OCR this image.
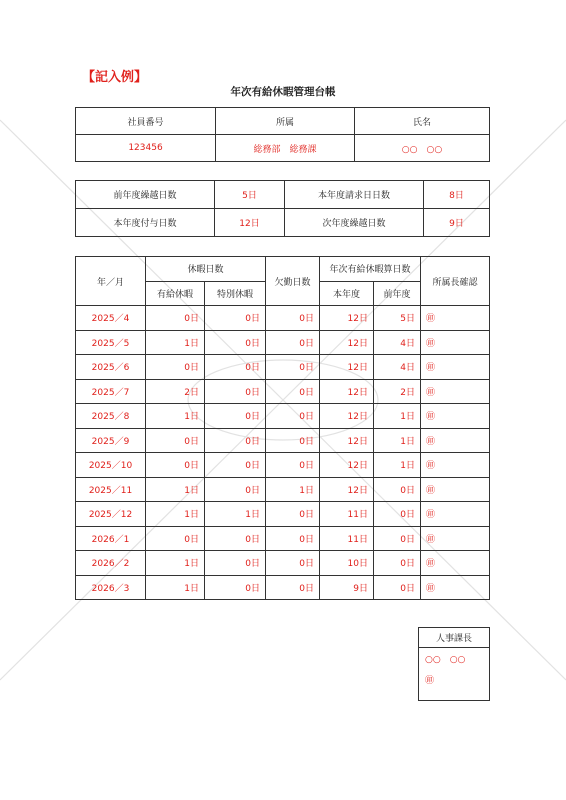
【記入例】
年次有給休暇管理台帳
社員番号	所属	氏名
123456	総務部　総務課	○○　○○
前年度繰越日数	5日	本年度請求日日数	8日
本年度付与日数	12日	次年度繰越日数	9日
年／月	休暇日数		欠勤日数	年次有給休暇算日数		所属長確認
	有給休暇	特別休暇		本年度	前年度	
2025／4	0日	0日	0日	12日	5日	㊞
2025／5	1日	0日	0日	12日	4日	㊞
2025／6	0日	0日	0日	12日	4日	㊞
2025／7	2日	0日	0日	12日	2日	㊞
2025／8	1日	0日	0日	12日	1日	㊞
2025／9	0日	0日	0日	12日	1日	㊞
2025／10	0日	0日	0日	12日	1日	㊞
2025／11	1日	0日	1日	12日	0日	㊞
2025／12	1日	1日	0日	11日	0日	㊞
2026／1	0日	0日	0日	11日	0日	㊞
2026／2	1日	0日	0日	10日	0日	㊞
2026／3	1日	0日	0日	9日	0日	㊞
人事課長

○○　○○
㊞
